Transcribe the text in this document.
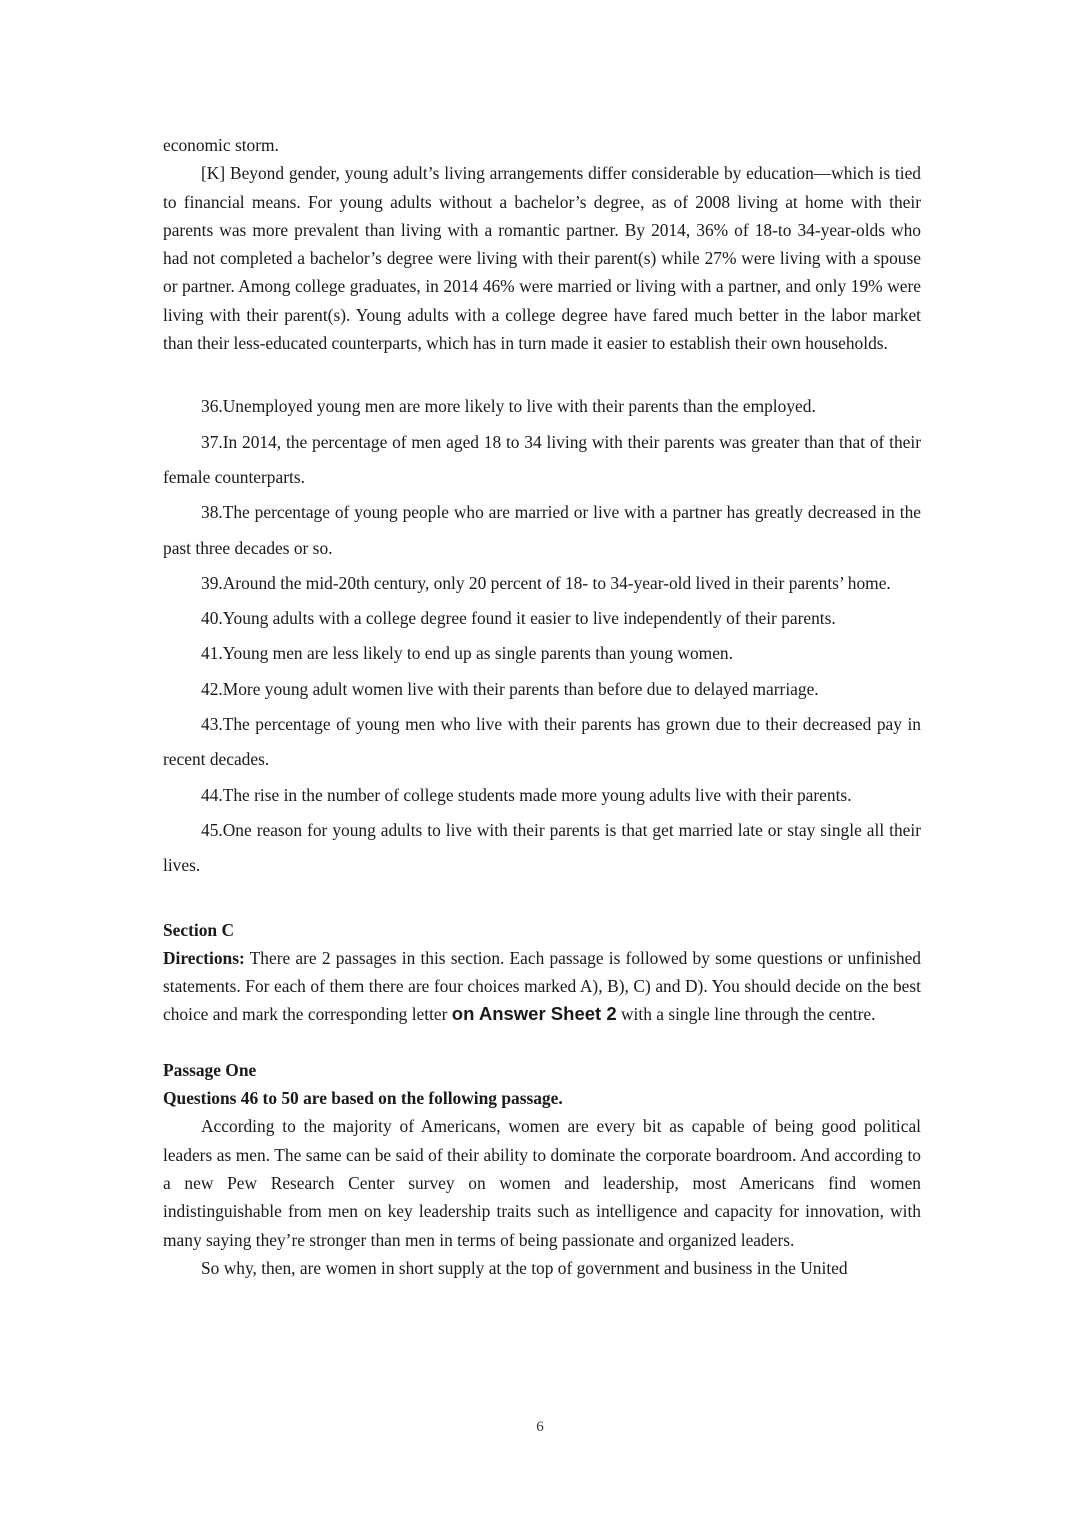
economic storm.

[K] Beyond gender, young adult’s living arrangements differ considerable by education—which is tied to financial means. For young adults without a bachelor’s degree, as of 2008 living at home with their parents was more prevalent than living with a romantic partner. By 2014, 36% of 18-to 34-year-olds who had not completed a bachelor’s degree were living with their parent(s) while 27% were living with a spouse or partner. Among college graduates, in 2014 46% were married or living with a partner, and only 19% were living with their parent(s). Young adults with a college degree have fared much better in the labor market than their less-educated counterparts, which has in turn made it easier to establish their own households.

36.Unemployed young men are more likely to live with their parents than the employed.

37.In 2014, the percentage of men aged 18 to 34 living with their parents was greater than that of their female counterparts.

38.The percentage of young people who are married or live with a partner has greatly decreased in the past three decades or so.

39.Around the mid-20th century, only 20 percent of 18- to 34-year-old lived in their parents’ home.

40.Young adults with a college degree found it easier to live independently of their parents.

41.Young men are less likely to end up as single parents than young women.

42.More young adult women live with their parents than before due to delayed marriage.

43.The percentage of young men who live with their parents has grown due to their decreased pay in recent decades.

44.The rise in the number of college students made more young adults live with their parents.

45.One reason for young adults to live with their parents is that get married late or stay single all their lives.

Section C

Directions: There are 2 passages in this section. Each passage is followed by some questions or unfinished statements. For each of them there are four choices marked A), B), C) and D). You should decide on the best choice and mark the corresponding letter on Answer Sheet 2 with a single line through the centre.

Passage One

Questions 46 to 50 are based on the following passage.

According to the majority of Americans, women are every bit as capable of being good political leaders as men. The same can be said of their ability to dominate the corporate boardroom. And according to a new Pew Research Center survey on women and leadership, most Americans find women indistinguishable from men on key leadership traits such as intelligence and capacity for innovation, with many saying they’re stronger than men in terms of being passionate and organized leaders.

So why, then, are women in short supply at the top of government and business in the United

6
